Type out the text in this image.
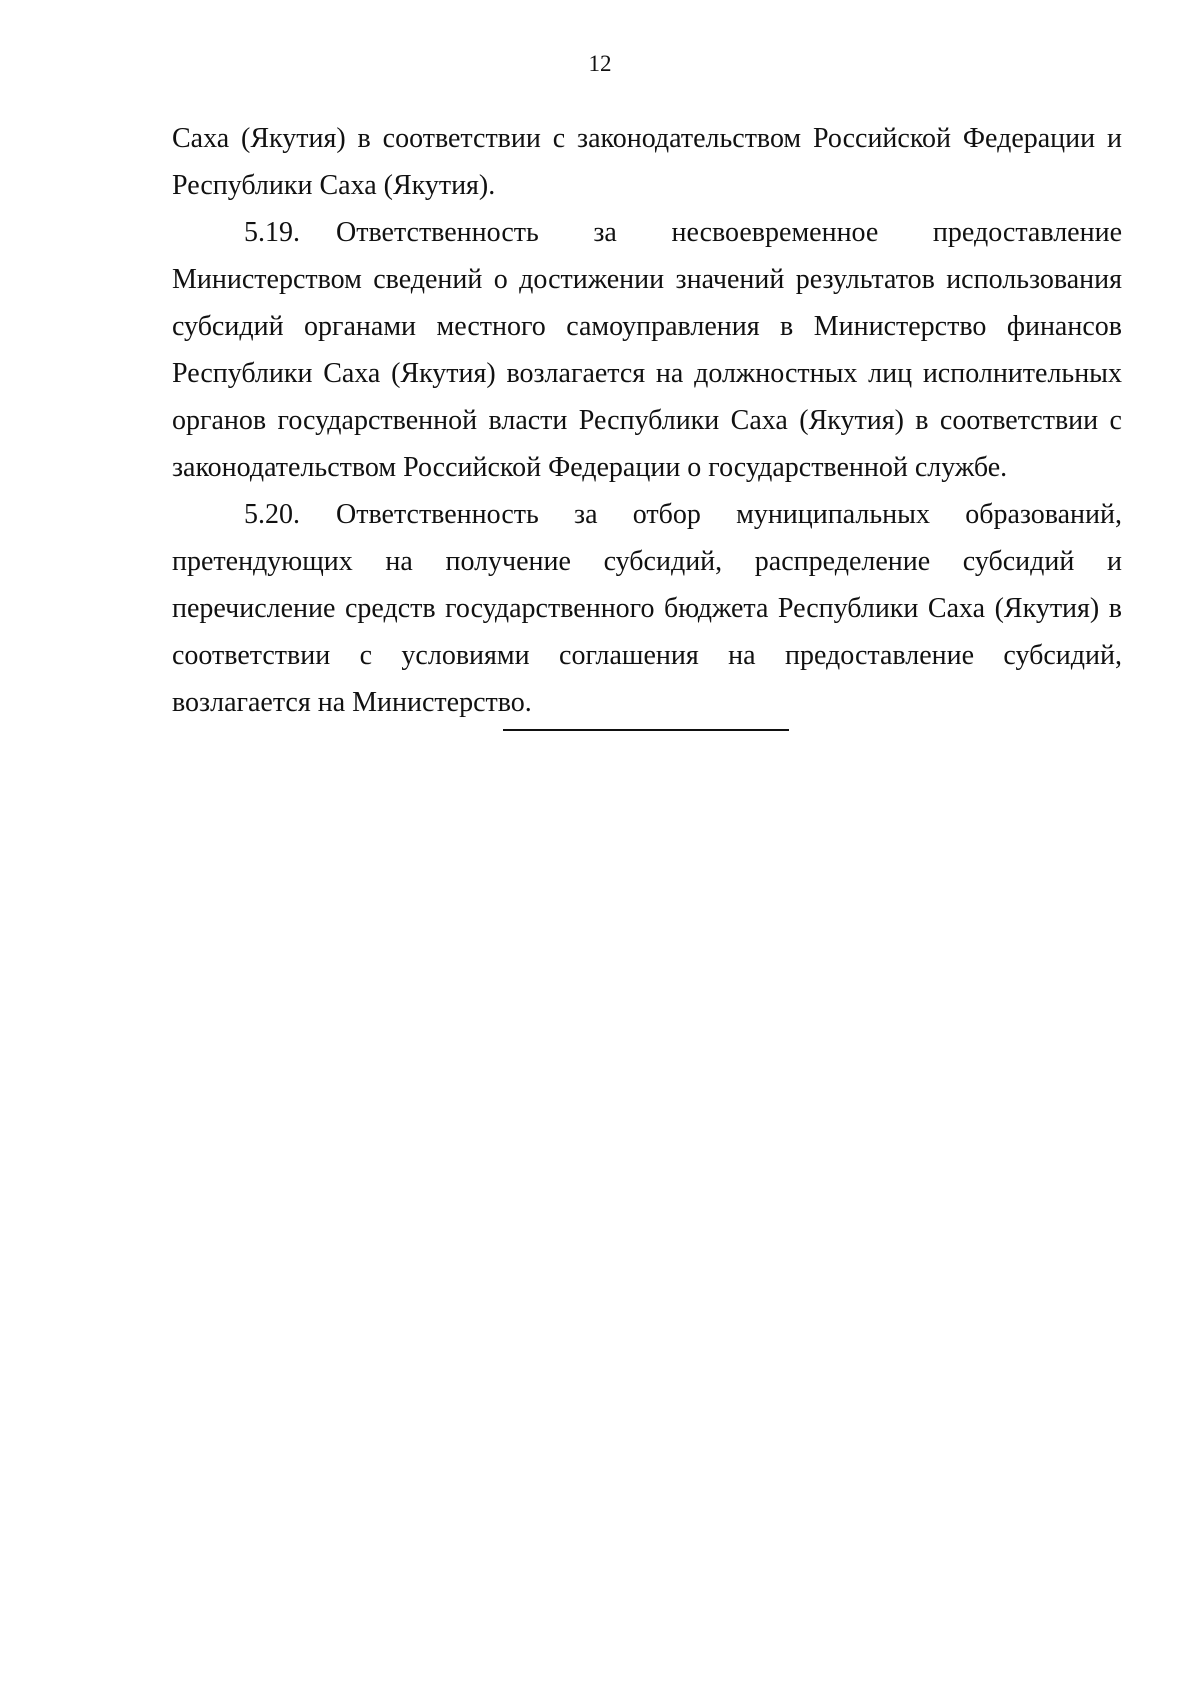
12

Саха (Якутия) в соответствии с законодательством Российской Федерации и Республики Саха (Якутия).

5.19. Ответственность за несвоевременное предоставление Министерством сведений о достижении значений результатов использования субсидий органами местного самоуправления в Министерство финансов Республики Саха (Якутия) возлагается на должностных лиц исполнительных органов государственной власти Республики Саха (Якутия) в соответствии с законодательством Российской Федерации о государственной службе.

5.20. Ответственность за отбор муниципальных образований, претендующих на получение субсидий, распределение субсидий и перечисление средств государственного бюджета Республики Саха (Якутия) в соответствии с условиями соглашения на предоставление субсидий, возлагается на Министерство.
